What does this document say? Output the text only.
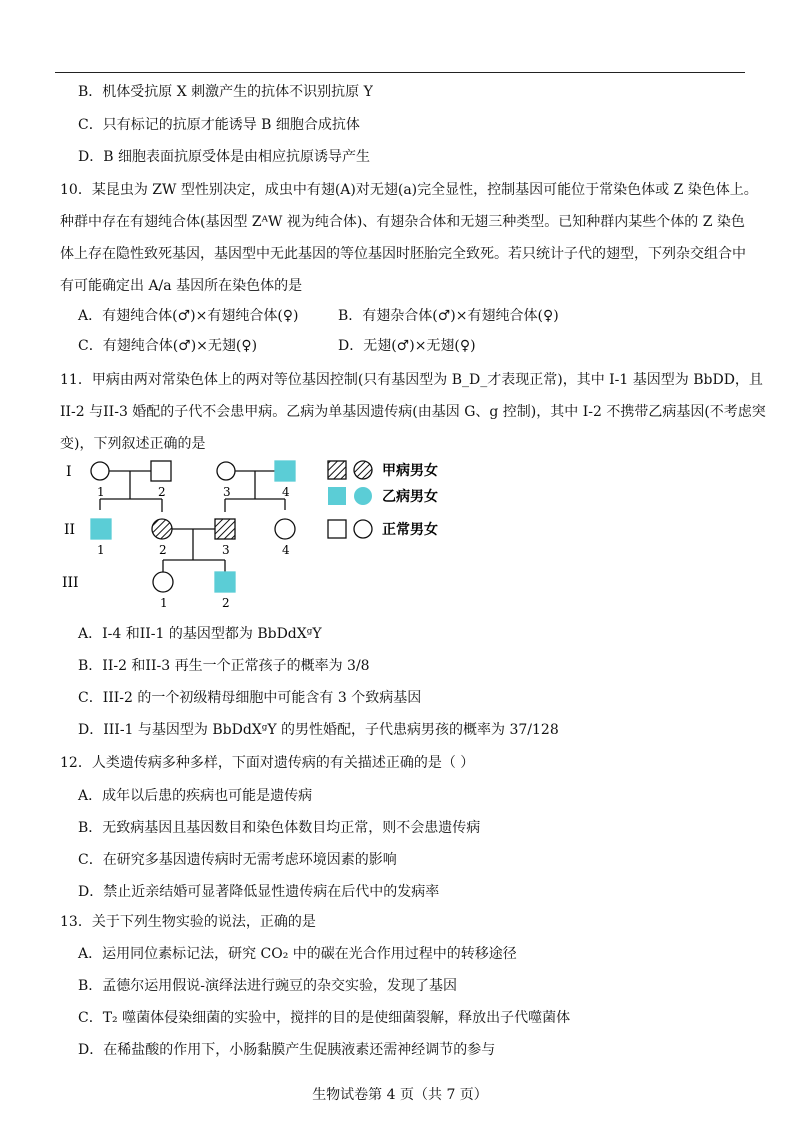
B．机体受抗原 X 刺激产生的抗体不识别抗原 Y
C．只有标记的抗原才能诱导 B 细胞合成抗体
D．B 细胞表面抗原受体是由相应抗原诱导产生
10．某昆虫为 ZW 型性别决定，成虫中有翅(A)对无翅(a)完全显性，控制基因可能位于常染色体或 Z 染色体上。
种群中存在有翅纯合体(基因型 ZᴬW 视为纯合体)、有翅杂合体和无翅三种类型。已知种群内某些个体的 Z 染色
体上存在隐性致死基因，基因型中无此基因的等位基因时胚胎完全致死。若只统计子代的翅型，下列杂交组合中
有可能确定出 A/a 基因所在染色体的是
A．有翅纯合体(♂)×有翅纯合体(♀)	B．有翅杂合体(♂)×有翅纯合体(♀)
C．有翅纯合体(♂)×无翅(♀)	D．无翅(♂)×无翅(♀)
11．甲病由两对常染色体上的两对等位基因控制(只有基因型为 B_D_才表现正常)，其中 I-1 基因型为 BbDD，且
II-2 与II-3 婚配的子代不会患甲病。乙病为单基因遗传病(由基因 G、g 控制)，其中 I-2 不携带乙病基因(不考虑突
变)，下列叙述正确的是
I
II
III
1	2	3	4
1	2	3	4
1	2
甲病男女
乙病男女
正常男女
A．I-4 和II-1 的基因型都为 BbDdXᵍY
B．II-2 和II-3 再生一个正常孩子的概率为 3/8
C．III-2 的一个初级精母细胞中可能含有 3 个致病基因
D．III-1 与基因型为 BbDdXᵍY 的男性婚配，子代患病男孩的概率为 37/128
12．人类遗传病多种多样，下面对遗传病的有关描述正确的是（ ）
A．成年以后患的疾病也可能是遗传病
B．无致病基因且基因数目和染色体数目均正常，则不会患遗传病
C．在研究多基因遗传病时无需考虑环境因素的影响
D．禁止近亲结婚可显著降低显性遗传病在后代中的发病率
13．关于下列生物实验的说法，正确的是
A．运用同位素标记法，研究 CO₂ 中的碳在光合作用过程中的转移途径
B．孟德尔运用假说-演绎法进行豌豆的杂交实验，发现了基因
C．T₂ 噬菌体侵染细菌的实验中，搅拌的目的是使细菌裂解，释放出子代噬菌体
D．在稀盐酸的作用下，小肠黏膜产生促胰液素还需神经调节的参与
生物试卷第 4 页（共 7 页）
